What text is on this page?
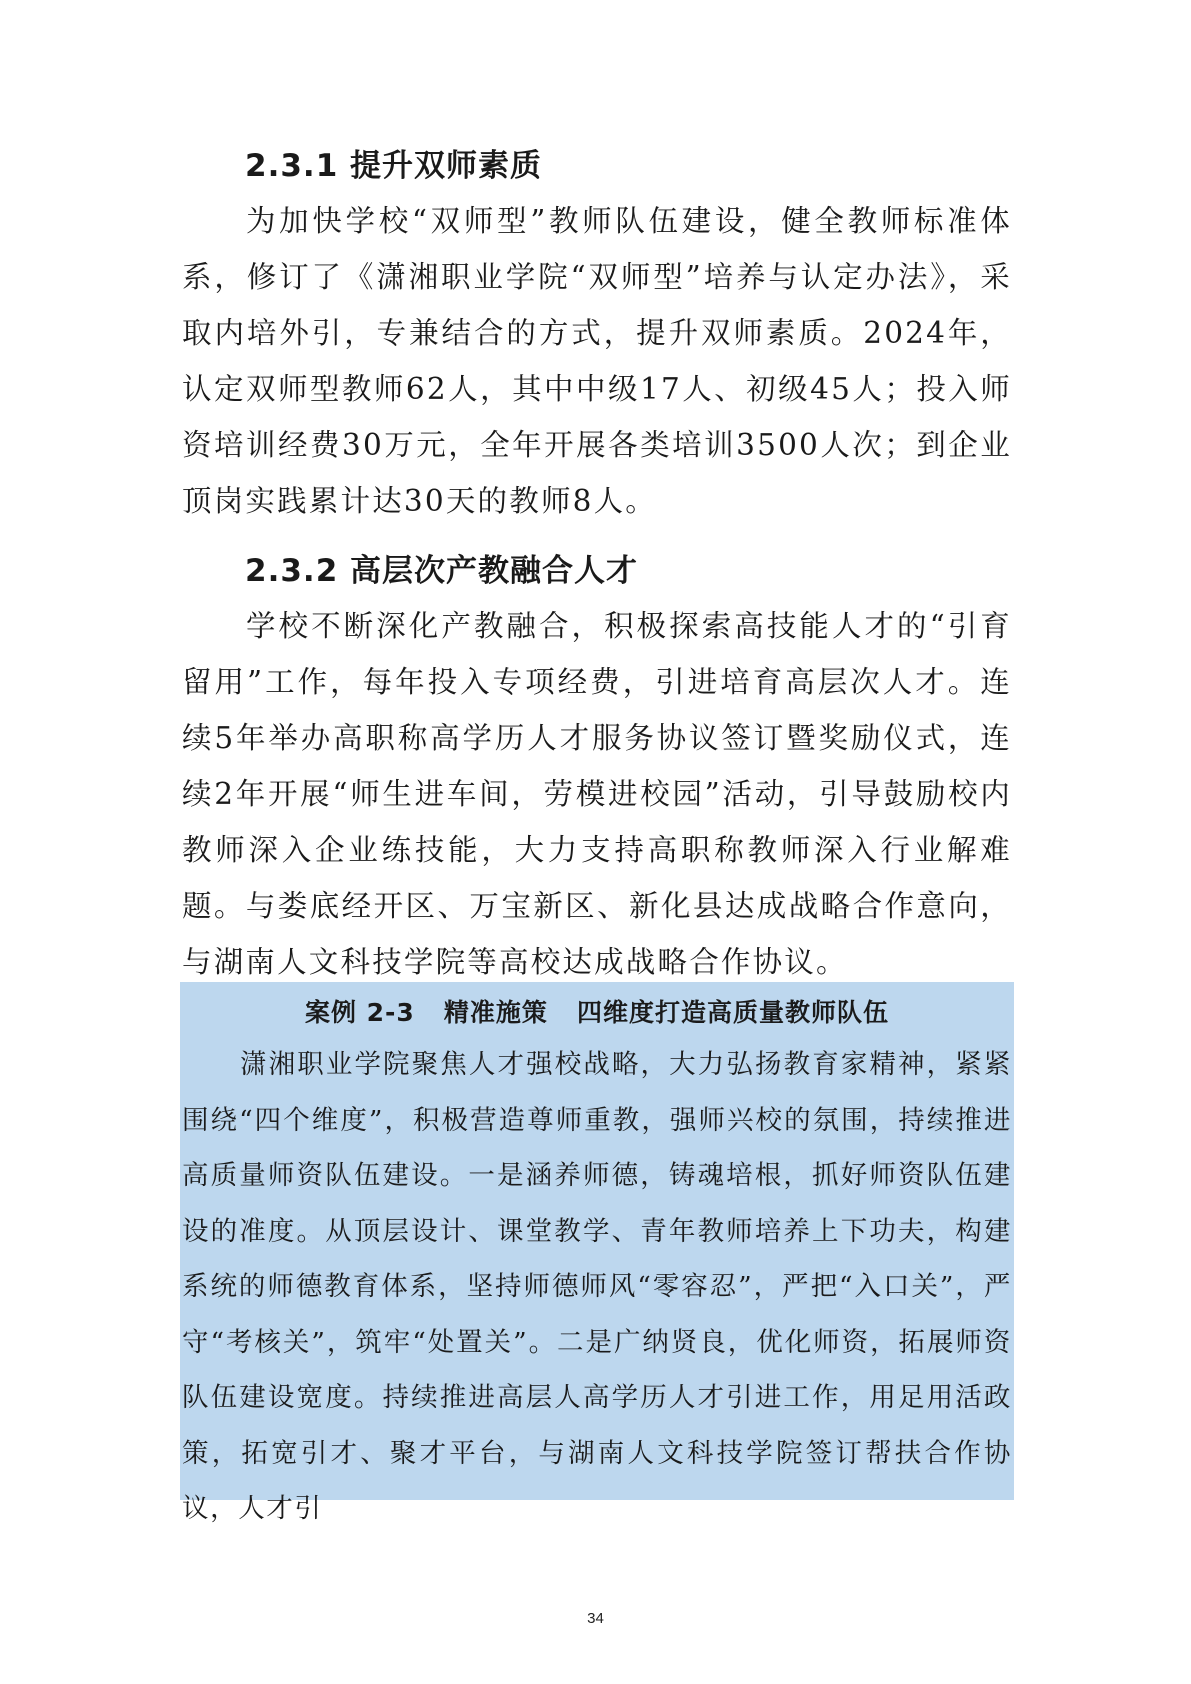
2.3.1 提升双师素质

为加快学校“双师型”教师队伍建设，健全教师标准体系，修订了《潇湘职业学院“双师型”培养与认定办法》，采取内培外引，专兼结合的方式，提升双师素质。2024年，认定双师型教师62人，其中中级17人、初级45人；投入师资培训经费30万元，全年开展各类培训3500人次；到企业顶岗实践累计达30天的教师8人。

2.3.2 高层次产教融合人才

学校不断深化产教融合，积极探索高技能人才的“引育留用”工作，每年投入专项经费，引进培育高层次人才。连续5年举办高职称高学历人才服务协议签订暨奖励仪式，连续2年开展“师生进车间，劳模进校园”活动，引导鼓励校内教师深入企业练技能，大力支持高职称教师深入行业解难题。与娄底经开区、万宝新区、新化县达成战略合作意向，与湖南人文科技学院等高校达成战略合作协议。

案例 2-3   精准施策   四维度打造高质量教师队伍

潇湘职业学院聚焦人才强校战略，大力弘扬教育家精神，紧紧围绕“四个维度”，积极营造尊师重教，强师兴校的氛围，持续推进高质量师资队伍建设。一是涵养师德，铸魂培根，抓好师资队伍建设的准度。从顶层设计、课堂教学、青年教师培养上下功夫，构建系统的师德教育体系，坚持师德师风“零容忍”，严把“入口关”，严守“考核关”，筑牢“处置关”。二是广纳贤良，优化师资，拓展师资队伍建设宽度。持续推进高层人高学历人才引进工作，用足用活政策，拓宽引才、聚才平台，与湖南人文科技学院签订帮扶合作协议，人才引

34
